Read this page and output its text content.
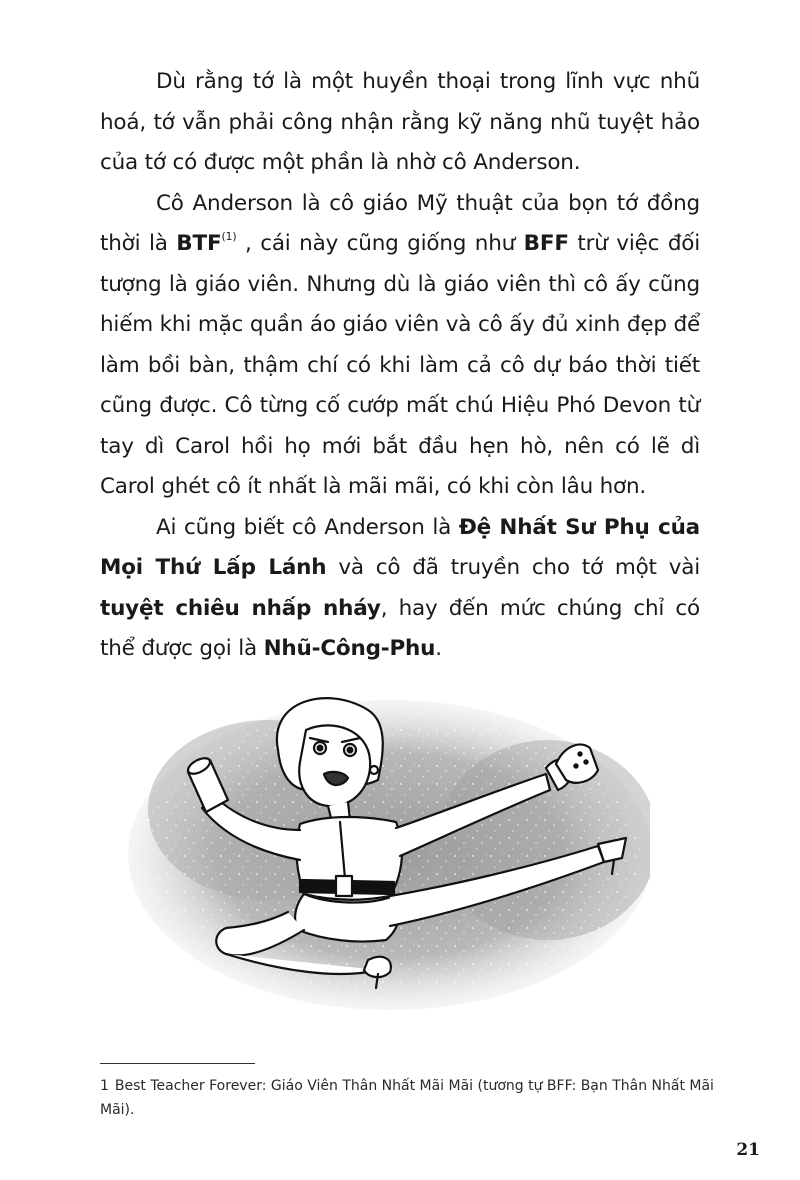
Dù rằng tớ là một huyền thoại trong lĩnh vực nhũ hoá, tớ vẫn phải công nhận rằng kỹ năng nhũ tuyệt hảo của tớ có được một phần là nhờ cô Anderson.

Cô Anderson là cô giáo Mỹ thuật của bọn tớ đồng thời là BTF$^{(1)}$ , cái này cũng giống như BFF trừ việc đối tượng là giáo viên. Nhưng dù là giáo viên thì cô ấy cũng hiếm khi mặc quần áo giáo viên và cô ấy đủ xinh đẹp để làm bồi bàn, thậm chí có khi làm cả cô dự báo thời tiết cũng được. Cô từng cố cướp mất chú Hiệu Phó Devon từ tay dì Carol hồi họ mới bắt đầu hẹn hò, nên có lẽ dì Carol ghét cô ít nhất là mãi mãi, có khi còn lâu hơn.

Ai cũng biết cô Anderson là Đệ Nhất Sư Phụ của Mọi Thứ Lấp Lánh và cô đã truyền cho tớ một vài tuyệt chiêu nhấp nháy, hay đến mức chúng chỉ có thể được gọi là Nhũ-Công-Phu.

1 Best Teacher Forever: Giáo Viên Thân Nhất Mãi Mãi (tương tự BFF: Bạn Thân Nhất Mãi Mãi).
21
